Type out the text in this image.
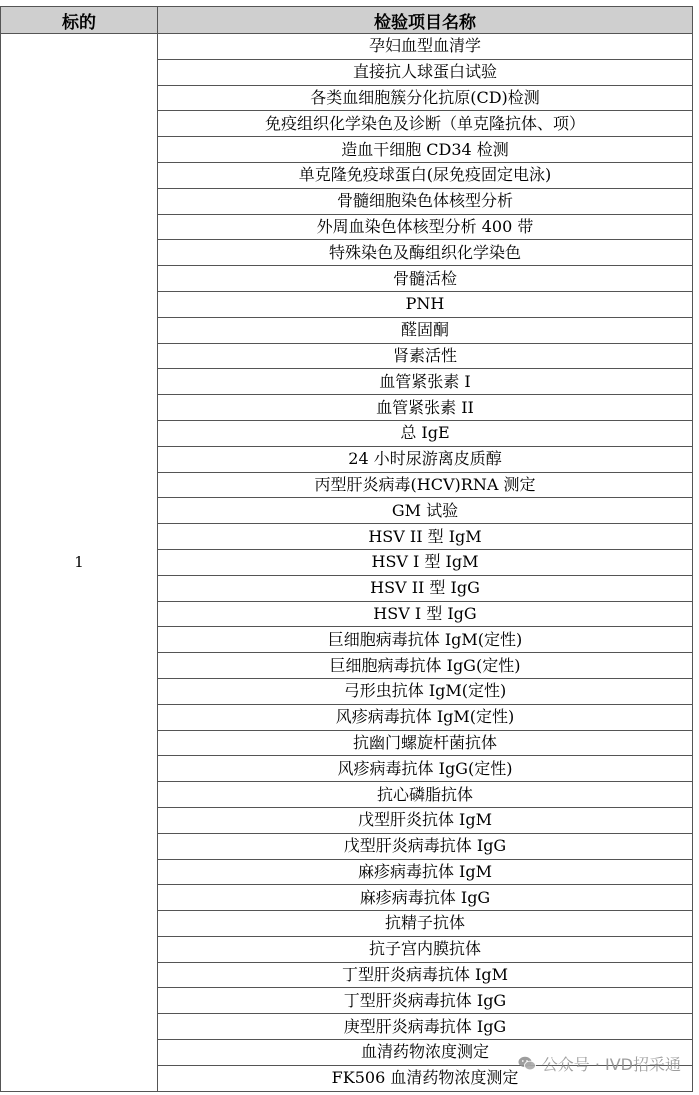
标的	检验项目名称
1	孕妇血型血清学
	直接抗人球蛋白试验
	各类血细胞簇分化抗原(CD)检测
	免疫组织化学染色及诊断（单克隆抗体、项）
	造血干细胞 CD34 检测
	单克隆免疫球蛋白(尿免疫固定电泳)
	骨髓细胞染色体核型分析
	外周血染色体核型分析 400 带
	特殊染色及酶组织化学染色
	骨髓活检
	PNH
	醛固酮
	肾素活性
	血管紧张素 I
	血管紧张素 II
	总 IgE
	24 小时尿游离皮质醇
	丙型肝炎病毒(HCV)RNA 测定
	GM 试验
	HSV II 型 IgM
	HSV I 型 IgM
	HSV II 型 IgG
	HSV I 型 IgG
	巨细胞病毒抗体 IgM(定性)
	巨细胞病毒抗体 IgG(定性)
	弓形虫抗体 IgM(定性)
	风疹病毒抗体 IgM(定性)
	抗幽门螺旋杆菌抗体
	风疹病毒抗体 IgG(定性)
	抗心磷脂抗体
	戊型肝炎抗体 IgM
	戊型肝炎病毒抗体 IgG
	麻疹病毒抗体 IgM
	麻疹病毒抗体 IgG
	抗精子抗体
	抗子宫内膜抗体
	丁型肝炎病毒抗体 IgM
	丁型肝炎病毒抗体 IgG
	庚型肝炎病毒抗体 IgG
	血清药物浓度测定
	FK506 血清药物浓度测定
公众号 · IVD招采通
